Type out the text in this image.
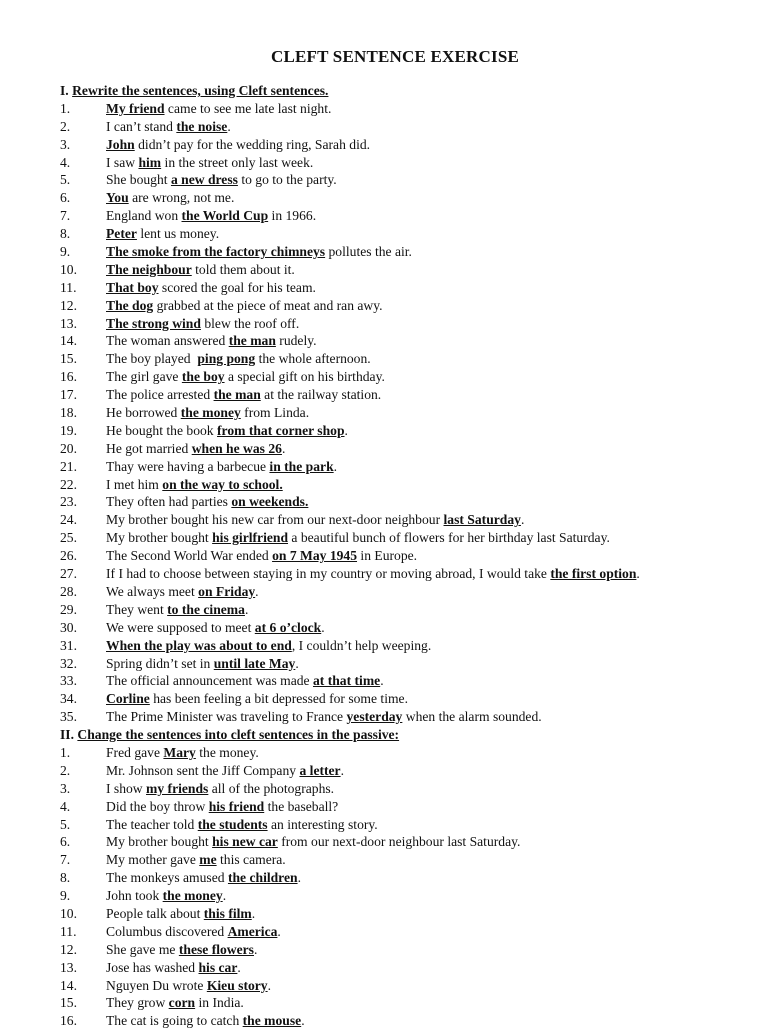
CLEFT SENTENCE EXERCISE
I. Rewrite the sentences, using Cleft sentences.
1.	My friend came to see me late last night.
2.	I can’t stand the noise.
3.	John didn’t pay for the wedding ring, Sarah did.
4.	I saw him in the street only last week.
5.	She bought a new dress to go to the party.
6.	You are wrong, not me.
7.	England won the World Cup in 1966.
8.	Peter lent us money.
9.	The smoke from the factory chimneys pollutes the air.
10.	The neighbour told them about it.
11.	That boy scored the goal for his team.
12.	The dog grabbed at the piece of meat and ran awy.
13.	The strong wind blew the roof off.
14.	The woman answered the man rudely.
15.	The boy played  ping pong the whole afternoon.
16.	The girl gave the boy a special gift on his birthday.
17.	The police arrested the man at the railway station.
18.	He borrowed the money from Linda.
19.	He bought the book from that corner shop.
20.	He got married when he was 26.
21.	Thay were having a barbecue in the park.
22.	I met him on the way to school.
23.	They often had parties on weekends.
24.	My brother bought his new car from our next-door neighbour last Saturday.
25.	My brother bought his girlfriend a beautiful bunch of flowers for her birthday last Saturday.
26.	The Second World War ended on 7 May 1945 in Europe.
27.	If I had to choose between staying in my country or moving abroad, I would take the first option.
28.	We always meet on Friday.
29.	They went to the cinema.
30.	We were supposed to meet at 6 o’clock.
31.	When the play was about to end, I couldn’t help weeping.
32.	Spring didn’t set in until late May.
33.	The official announcement was made at that time.
34.	Corline has been feeling a bit depressed for some time.
35.	The Prime Minister was traveling to France yesterday when the alarm sounded.
II. Change the sentences into cleft sentences in the passive:
1.	Fred gave Mary the money.
2.	Mr. Johnson sent the Jiff Company a letter.
3.	I show my friends all of the photographs.
4.	Did the boy throw his friend the baseball?
5.	The teacher told the students an interesting story.
6.	My brother bought his new car from our next-door neighbour last Saturday.
7.	My mother gave me this camera.
8.	The monkeys amused the children.
9.	John took the money.
10.	People talk about this film.
11.	Columbus discovered America.
12.	She gave me these flowers.
13.	Jose has washed his car.
14.	Nguyen Du wrote Kieu story.
15.	They grow corn in India.
16.	The cat is going to catch the mouse.
